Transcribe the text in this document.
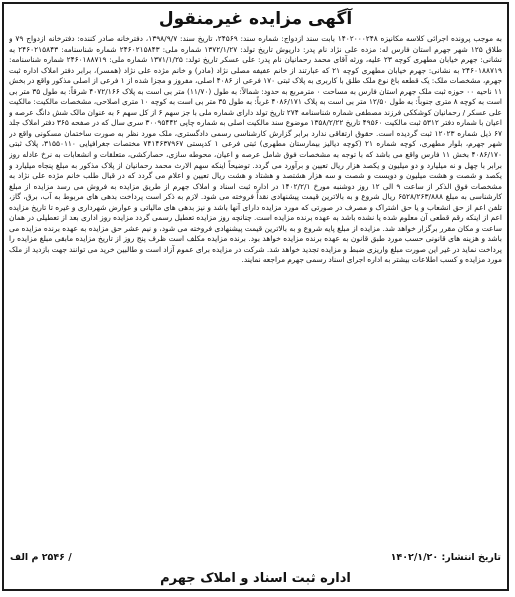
آگهی مزایده غیرمنقول
به موجب پرونده اجرائی کلاسه مکانیزه ۱۴۰۲۰۰۰۲۴۸ بابت سند ازدواج: شماره سند: ۲۴۵۶۹، تاریخ سند: ۱۳۹۸/۹/۷، دفترخانه صادر کننده: دفترخانه ازدواج ۷۹ و طلاق ۱۲۵ شهر جهرم استان فارس له: مزده علی نژاد نام پدر: داریوش تاریخ تولد: ۱۳۷۲/۱/۲۷ شماره ملی: ۲۴۶۰۲۱۵۸۴۳ شماره شناسنامه: ۲۴۶۰۲۱۵۸۴۳ به نشانی: جهرم خیابان مطهری کوچه ۲۳ علیه، ورثه آقای محمد رحمانیان نام پدر: علی عسکر تاریخ تولد: ۱۳۷۱/۱/۲۵ شماره ملی: ۲۴۶۰۱۸۸۷۱۹ شماره شناسنامه: ۲۴۶۰۱۸۸۷۱۹ به نشانی: جهرم خیابان مطهری کوچه ۲۱ که عبارتند از خانم عفیفه مصلی نژاد (مادر) و خانم مژده علی نژاد (همسر)، برابر دفتر املاک اداره ثبت جهرم، مشخصات ملک: یک قطعه باغ نوع ملک طلق با کاربری به پلاک ثبتی ۱۷۰ فرعی از ۴۰۸۶ اصلی، مفروز و مجزا شده از ۱ فرعی از اصلی مذکور واقع در بخش ۱۱ ناحیه ۰۰ حوزه ثبت ملک جهرم استان فارس به مساحت ۰ مترمربع به حدود: شمالاً: به طول (۱۱/۷۰) متر بی است به پلاک ۴۰۷۲/۱۶۶ شرقاً: به طول ۳۵ متر بی است به کوچه ۸ متری جنوباً: به طول ۱۲/۵۰ متر بی است به پلاک ۴۰۸۶/۱۷۱ غرباً: به طول ۳۵ متر بی است به کوچه ۱۰ متری اصلاحی، مشخصات مالکیت: مالکیت علی عسکر / رحمانیان کوشککی فرزند مصطفی شماره شناسنامه ۲۷۴ تاریخ تولد دارای شماره ملی با جز سهم ۶ از کل سهم ۶ به عنوان مالک شش دانگ عرصه و اعیان با شماره دفتر ۵۳۱۲ ثبت مالکیت ۴۹۵۶۰ تاریخ ۱۳۵۸/۲/۲۲ موضوع سند مالکیت اصلی به شماره چاپی ۳۰۰۹۵۴۴۲ سری سال که در صفحه ۳۶۵ دفتر املاک جلد ۶۷ ذیل شماره ۱۲۰۲۳ ثبت گردیده است. حقوق ارتفاقی ندارد برابر گزارش کارشناسی رسمی دادگستری، ملک مورد نظر به صورت ساختمان مسکونی واقع در شهر جهرم، بلوار مطهری، کوچه شماره ۲۱ (کوچه دیالیز بیمارستان مطهری) ثبتی فرعی ۱ کدپستی ۷۴۱۴۶۳۷۹۶۷ مختصات جغرافیایی ۳۱۵۵۰۱۱۰، پلاک ثبتی ۴۰۸۶/۱۷۰ بخش ۱۱ فارس واقع می باشد که با توجه به مشخصات فوق شامل عرصه و اعیان، محوطه سازی، حصارکشی، متعلقات و انشعابات به نرخ عادله روز برابر با چهل و نه میلیارد و دو میلیون و یکصد هزار ریال تعیین و برآورد می گردد. توضیحاً اینکه سهم الارث محمد رحمانیان از پلاک مذکور به مبلغ پنجاه میلیارد و یکصد و شصت و هشت میلیون و دویست و شصت و سه هزار هشتصد و هشتاد و هشت ریال تعیین و اعلام می گردد که در قبال طلب خانم مژده علی نژاد به مشخصات فوق الذکر از ساعت ۹ الی ۱۲ روز دوشنبه مورخ ۱۴۰۲/۲/۱ در اداره ثبت اسناد و املاک جهرم از طریق مزایده به فروش می رسد مزایده از مبلغ کارشناسی به مبلغ ۶۵۲۸/۲۶۳/۸۸۸ ریال شروع و به بالاترین قیمت پیشنهادی نقداً فروخته می شود. لازم به ذکر است پرداخت بدهی های مربوط به آب، برق، گاز، تلفن اعم از حق انشعاب و یا حق اشتراک و مصرف در صورتی که مورد مزایده دارای آنها باشد و نیز بدهی های مالیاتی و عوارض شهرداری و غیره تا تاریخ مزایده اعم از اینکه رقم قطعی آن معلوم شده یا نشده باشد به عهده برنده مزایده است. چنانچه روز مزایده تعطیل رسمی گردد مزایده روز اداری بعد از تعطیلی در همان ساعت و مکان مقرر برگزار خواهد شد. مزایده از مبلغ پایه شروع و به بالاترین قیمت پیشنهادی فروخته می شود، و نیم عشر حق مزایده به عهده برنده مزایده می باشد و هزینه های قانونی حسب مورد طبق قانون به عهده برنده مزایده خواهد بود. برنده مزایده مکلف است ظرف پنج روز از تاریخ مزایده مابقی مبلغ مزایده را پرداخت نماید در غیر این صورت مبلغ واریزی ضبط و مزایده تجدید خواهد شد. شرکت در مزایده برای عموم آزاد است و طالبین خرید می توانند جهت بازدید از ملک مورد مزایده و کسب اطلاعات بیشتر به اداره اجرای اسناد رسمی جهرم مراجعه نمایند.
تاریخ انتشار: ۱۴۰۲/۱/۲۰
/ ۲۵۴۶ م الف
اداره ثبت اسناد و املاک جهرم
